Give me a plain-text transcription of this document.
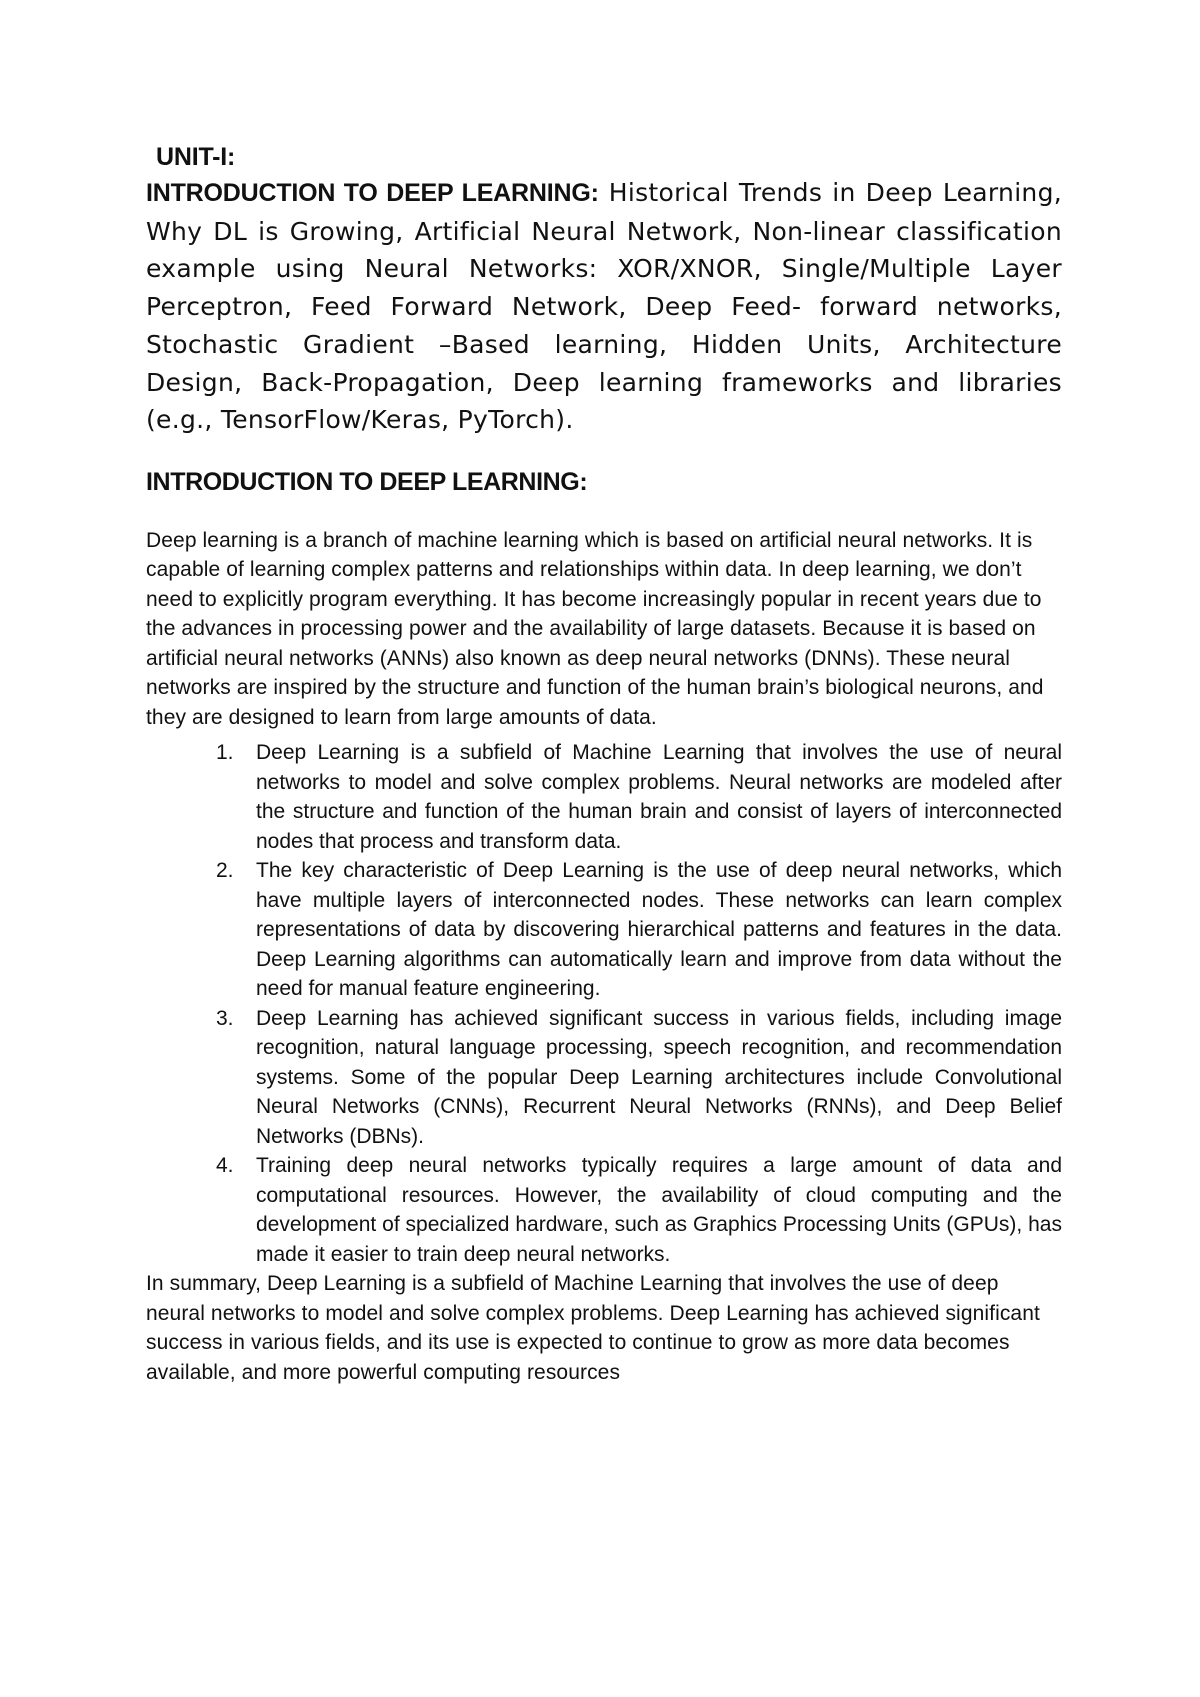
UNIT-I:

INTRODUCTION TO DEEP LEARNING: Historical Trends in Deep Learning, Why DL is Growing, Artificial Neural Network, Non-linear classification example using Neural Networks: XOR/XNOR, Single/Multiple Layer Perceptron, Feed Forward Network, Deep Feed- forward networks, Stochastic Gradient –Based learning, Hidden Units, Architecture Design, Back-Propagation, Deep learning frameworks and libraries (e.g., TensorFlow/Keras, PyTorch).

INTRODUCTION TO DEEP LEARNING:

Deep learning is a branch of machine learning which is based on artificial neural networks. It is capable of learning complex patterns and relationships within data. In deep learning, we don’t need to explicitly program everything. It has become increasingly popular in recent years due to the advances in processing power and the availability of large datasets. Because it is based on artificial neural networks (ANNs) also known as deep neural networks (DNNs). These neural networks are inspired by the structure and function of the human brain’s biological neurons, and they are designed to learn from large amounts of data.

1. Deep Learning is a subfield of Machine Learning that involves the use of neural networks to model and solve complex problems. Neural networks are modeled after the structure and function of the human brain and consist of layers of interconnected nodes that process and transform data.
2. The key characteristic of Deep Learning is the use of deep neural networks, which have multiple layers of interconnected nodes. These networks can learn complex representations of data by discovering hierarchical patterns and features in the data. Deep Learning algorithms can automatically learn and improve from data without the need for manual feature engineering.
3. Deep Learning has achieved significant success in various fields, including image recognition, natural language processing, speech recognition, and recommendation systems. Some of the popular Deep Learning architectures include Convolutional Neural Networks (CNNs), Recurrent Neural Networks (RNNs), and Deep Belief Networks (DBNs).
4. Training deep neural networks typically requires a large amount of data and computational resources. However, the availability of cloud computing and the development of specialized hardware, such as Graphics Processing Units (GPUs), has made it easier to train deep neural networks.

In summary, Deep Learning is a subfield of Machine Learning that involves the use of deep neural networks to model and solve complex problems. Deep Learning has achieved significant success in various fields, and its use is expected to continue to grow as more data becomes available, and more powerful computing resources
